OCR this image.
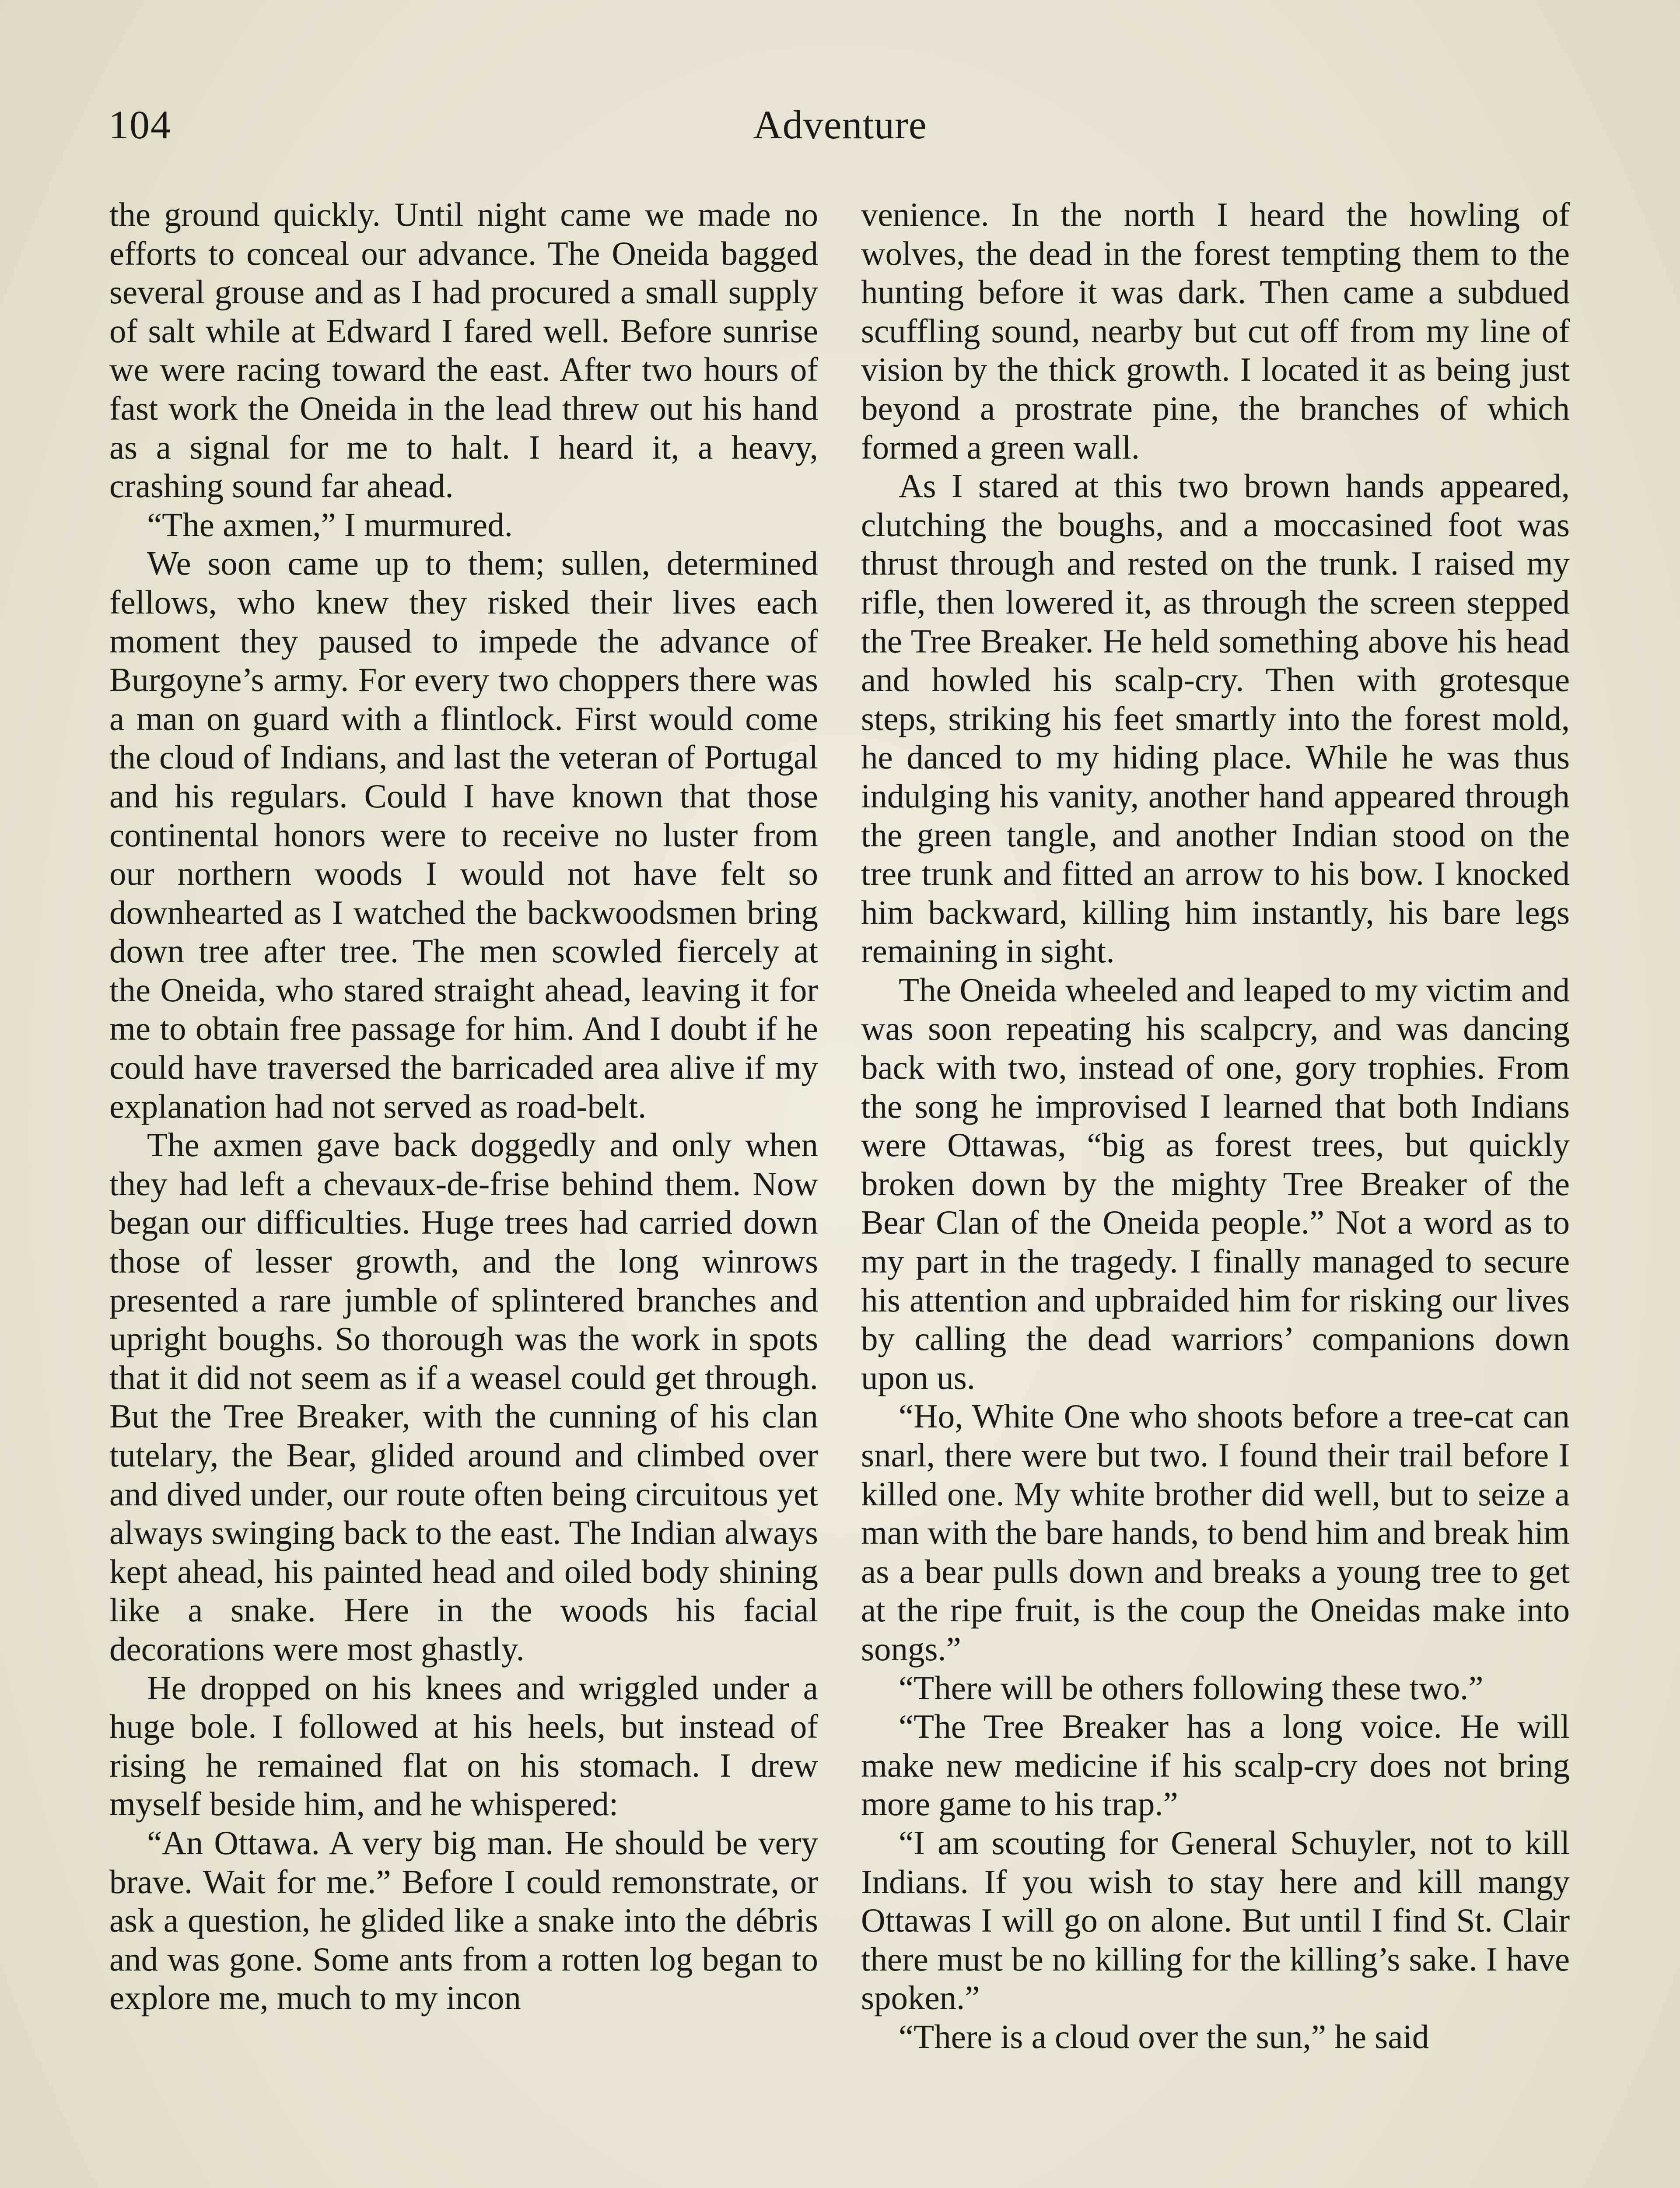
104	Adventure

the ground quickly. Until night came we made no efforts to conceal our advance. The Oneida bagged several grouse and as I had procured a small supply of salt while at Edward I fared well. Before sunrise we were racing toward the east. After two hours of fast work the Oneida in the lead threw out his hand as a signal for me to halt. I heard it, a heavy, crashing sound far ahead.

“The axmen,” I murmured.

We soon came up to them; sullen, determined fellows, who knew they risked their lives each moment they paused to impede the advance of Burgoyne’s army. For every two choppers there was a man on guard with a flintlock. First would come the cloud of Indians, and last the veteran of Portugal and his regulars. Could I have known that those continental honors were to receive no luster from our northern woods I would not have felt so downhearted as I watched the backwoodsmen bring down tree after tree. The men scowled fiercely at the Oneida, who stared straight ahead, leaving it for me to obtain free passage for him. And I doubt if he could have traversed the barricaded area alive if my explanation had not served as road-belt.

The axmen gave back doggedly and only when they had left a chevaux-de-frise behind them. Now began our difficulties. Huge trees had carried down those of lesser growth, and the long winrows presented a rare jumble of splintered branches and upright boughs. So thorough was the work in spots that it did not seem as if a weasel could get through. But the Tree Breaker, with the cunning of his clan tutelary, the Bear, glided around and climbed over and dived under, our route often being circuitous yet always swinging back to the east. The Indian always kept ahead, his painted head and oiled body shining like a snake. Here in the woods his facial decorations were most ghastly.

He dropped on his knees and wriggled under a huge bole. I followed at his heels, but instead of rising he remained flat on his stomach. I drew myself beside him, and he whispered:

“An Ottawa. A very big man. He should be very brave. Wait for me.” Before I could remonstrate, or ask a question, he glided like a snake into the débris and was gone. Some ants from a rotten log began to explore me, much to my incon

venience. In the north I heard the howling of wolves, the dead in the forest tempting them to the hunting before it was dark. Then came a subdued scuffling sound, nearby but cut off from my line of vision by the thick growth. I located it as being just beyond a prostrate pine, the branches of which formed a green wall.

As I stared at this two brown hands appeared, clutching the boughs, and a moccasined foot was thrust through and rested on the trunk. I raised my rifle, then lowered it, as through the screen stepped the Tree Breaker. He held something above his head and howled his scalp-cry. Then with grotesque steps, striking his feet smartly into the forest mold, he danced to my hiding place. While he was thus indulging his vanity, another hand appeared through the green tangle, and another Indian stood on the tree trunk and fitted an arrow to his bow. I knocked him backward, killing him instantly, his bare legs remaining in sight.

The Oneida wheeled and leaped to my victim and was soon repeating his scalpcry, and was dancing back with two, instead of one, gory trophies. From the song he improvised I learned that both Indians were Ottawas, “big as forest trees, but quickly broken down by the mighty Tree Breaker of the Bear Clan of the Oneida people.” Not a word as to my part in the tragedy. I finally managed to secure his attention and upbraided him for risking our lives by calling the dead warriors’ companions down upon us.

“Ho, White One who shoots before a tree-cat can snarl, there were but two. I found their trail before I killed one. My white brother did well, but to seize a man with the bare hands, to bend him and break him as a bear pulls down and breaks a young tree to get at the ripe fruit, is the coup the Oneidas make into songs.”

“There will be others following these two.”

“The Tree Breaker has a long voice. He will make new medicine if his scalp-cry does not bring more game to his trap.”

“I am scouting for General Schuyler, not to kill Indians. If you wish to stay here and kill mangy Ottawas I will go on alone. But until I find St. Clair there must be no killing for the killing’s sake. I have spoken.”

“There is a cloud over the sun,” he said
